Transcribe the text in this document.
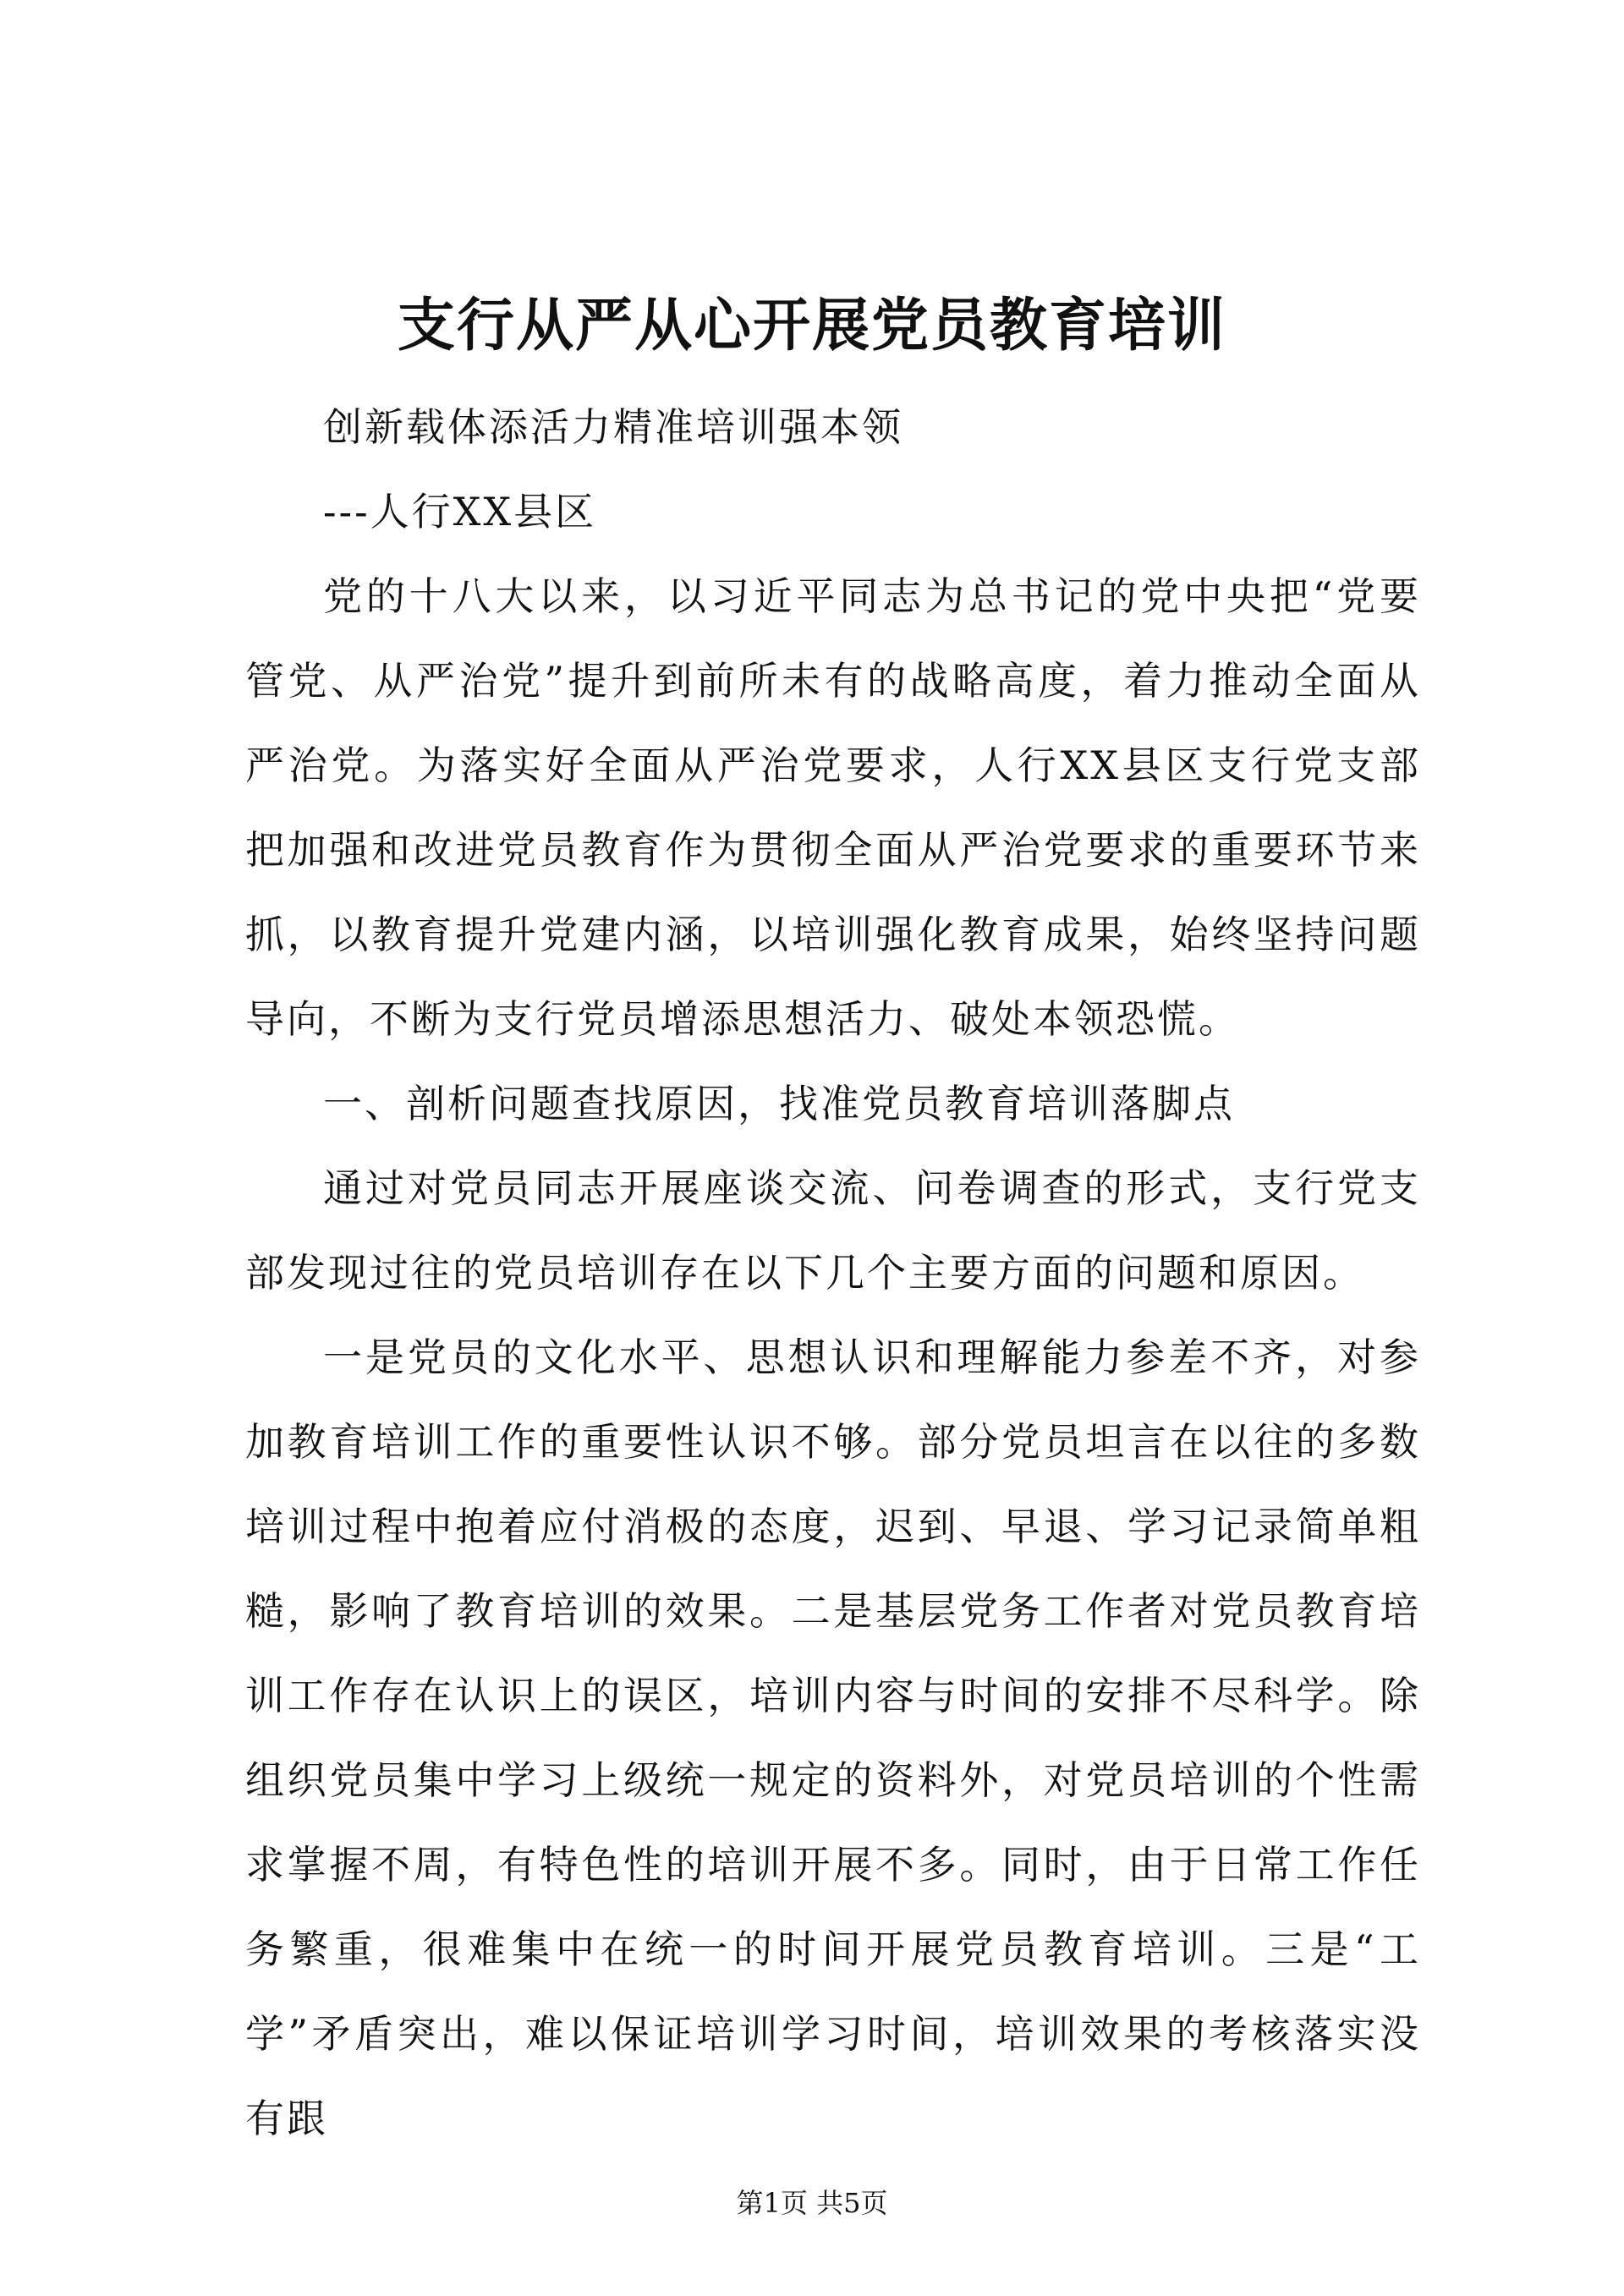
支行从严从心开展党员教育培训

创新载体添活力精准培训强本领

---人行XX县区

党的十八大以来，以习近平同志为总书记的党中央把“党要管党、从严治党”提升到前所未有的战略高度，着力推动全面从严治党。为落实好全面从严治党要求，人行XX县区支行党支部把加强和改进党员教育作为贯彻全面从严治党要求的重要环节来抓，以教育提升党建内涵，以培训强化教育成果，始终坚持问题导向，不断为支行党员增添思想活力、破处本领恐慌。

一、剖析问题查找原因，找准党员教育培训落脚点

通过对党员同志开展座谈交流、问卷调查的形式，支行党支部发现过往的党员培训存在以下几个主要方面的问题和原因。

一是党员的文化水平、思想认识和理解能力参差不齐，对参加教育培训工作的重要性认识不够。部分党员坦言在以往的多数培训过程中抱着应付消极的态度，迟到、早退、学习记录简单粗糙，影响了教育培训的效果。二是基层党务工作者对党员教育培训工作存在认识上的误区，培训内容与时间的安排不尽科学。除组织党员集中学习上级统一规定的资料外，对党员培训的个性需求掌握不周，有特色性的培训开展不多。同时，由于日常工作任务繁重，很难集中在统一的时间开展党员教育培训。三是“工学”矛盾突出，难以保证培训学习时间，培训效果的考核落实没有跟

第1页 共5页
